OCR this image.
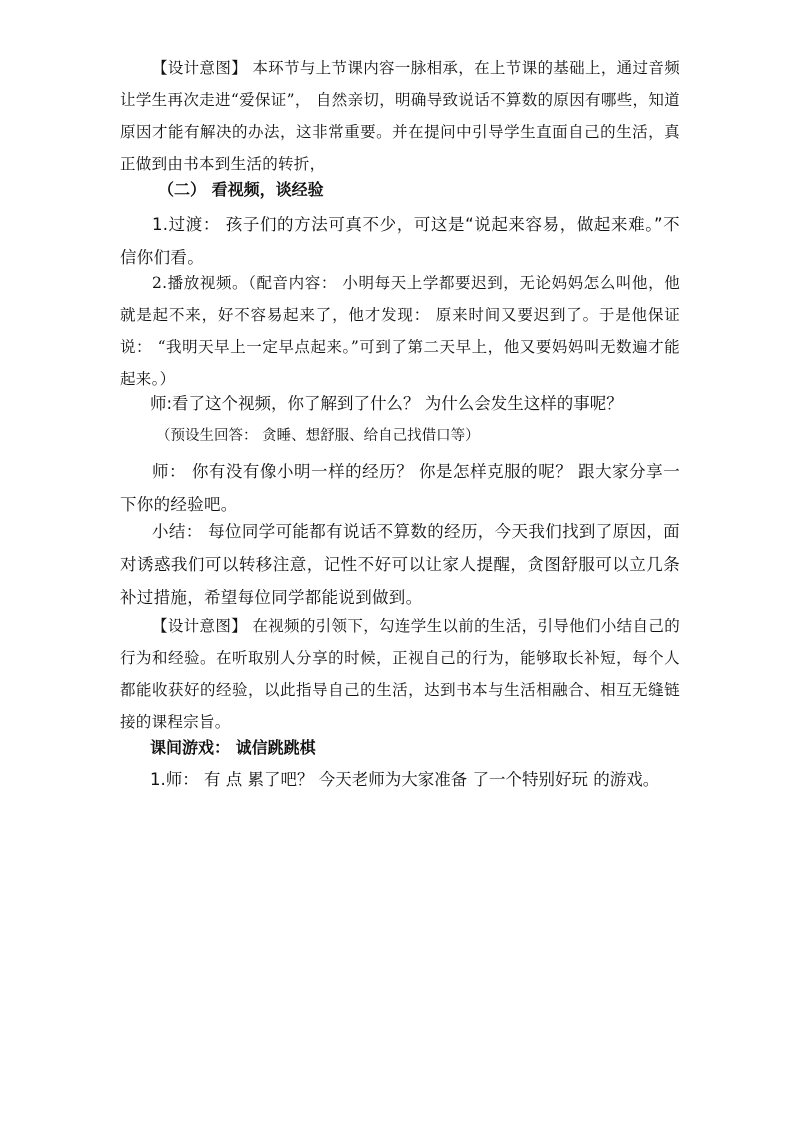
【设计意图】 本环节与上节课内容一脉相承，在上节课的基础上，通过音频让学生再次走进“爱保证”， 自然亲切，明确导致说话不算数的原因有哪些，知道原因才能有解决的办法，这非常重要。并在提问中引导学生直面自己的生活，真正做到由书本到生活的转折，

（二） 看视频，谈经验

1.过渡： 孩子们的方法可真不少，可这是“说起来容易，做起来难。”不信你们看。

2.播放视频。（配音内容： 小明每天上学都要迟到，无论妈妈怎么叫他，他就是起不来，好不容易起来了，他才发现： 原来时间又要迟到了。于是他保证说： “我明天早上一定早点起来。”可到了第二天早上，他又要妈妈叫无数遍才能起来。）

师:看了这个视频，你了解到了什么？ 为什么会发生这样的事呢？

（预设生回答： 贪睡、想舒服、给自己找借口等）

师： 你有没有像小明一样的经历？ 你是怎样克服的呢？ 跟大家分享一下你的经验吧。

小结： 每位同学可能都有说话不算数的经历，今天我们找到了原因，面对诱惑我们可以转移注意，记性不好可以让家人提醒，贪图舒服可以立几条补过措施，希望每位同学都能说到做到。

【设计意图】 在视频的引领下，勾连学生以前的生活，引导他们小结自己的行为和经验。在听取别人分享的时候，正视自己的行为，能够取长补短，每个人都能收获好的经验，以此指导自己的生活，达到书本与生活相融合、相互无缝链接的课程宗旨。

课间游戏： 诚信跳跳棋

1.师： 有 点 累了吧？ 今天老师为大家准备 了一个特别好玩 的游戏。
